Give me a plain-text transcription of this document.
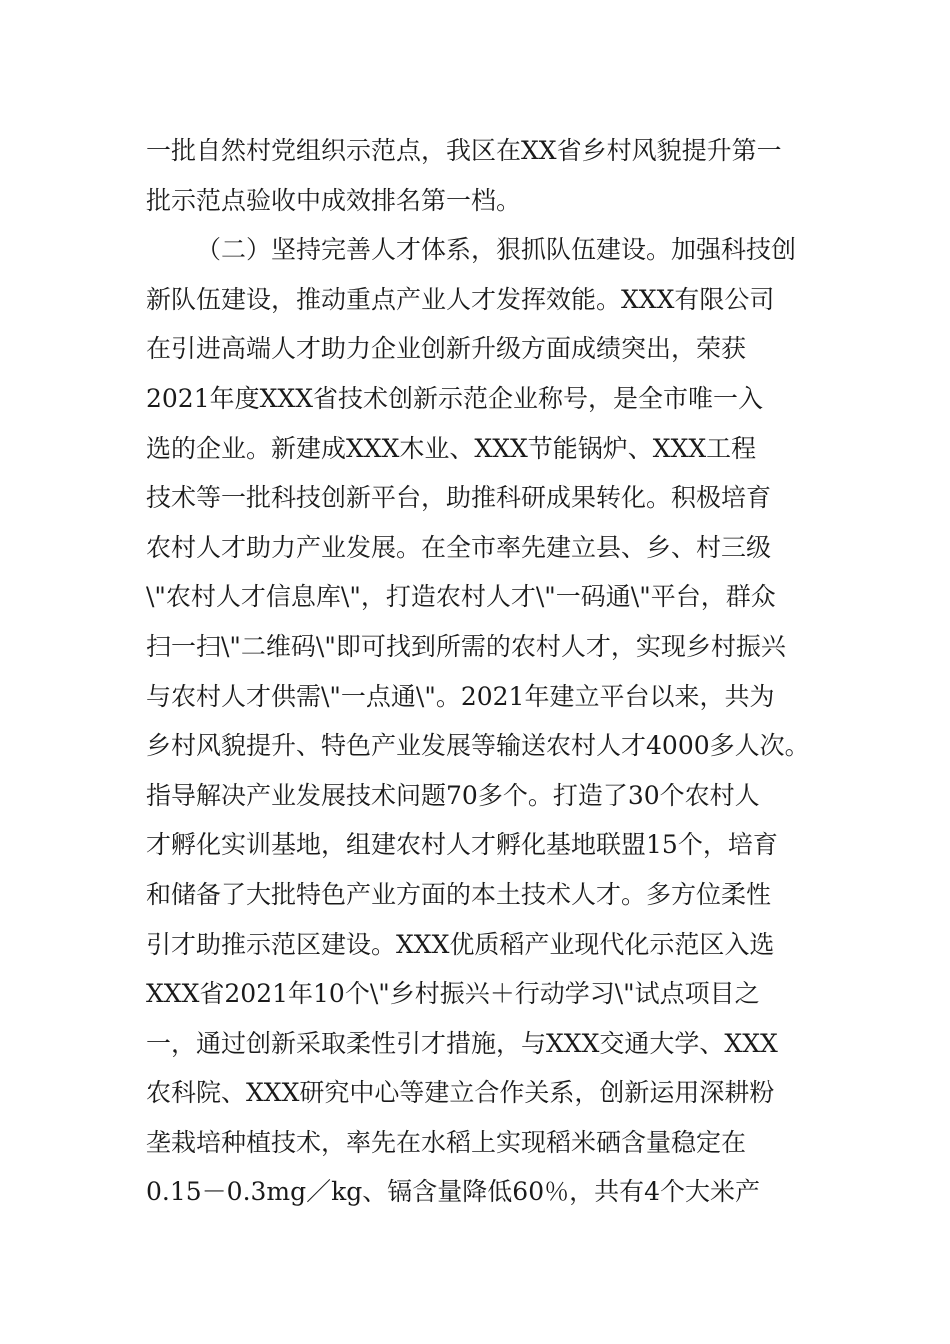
一批自然村党组织示范点，我区在XX省乡村风貌提升第一
批示范点验收中成效排名第一档。
（二）坚持完善人才体系，狠抓队伍建设。加强科技创
新队伍建设，推动重点产业人才发挥效能。XXX有限公司
在引进高端人才助力企业创新升级方面成绩突出，荣获
2021年度XXX省技术创新示范企业称号，是全市唯一入
选的企业。新建成XXX木业、XXX节能锅炉、XXX工程
技术等一批科技创新平台，助推科研成果转化。积极培育
农村人才助力产业发展。在全市率先建立县、乡、村三级
\"农村人才信息库\"，打造农村人才\"一码通\"平台，群众
扫一扫\"二维码\"即可找到所需的农村人才，实现乡村振兴
与农村人才供需\"一点通\"。2021年建立平台以来，共为
乡村风貌提升、特色产业发展等输送农村人才4000多人次。
指导解决产业发展技术问题70多个。打造了30个农村人
才孵化实训基地，组建农村人才孵化基地联盟15个，培育
和储备了大批特色产业方面的本土技术人才。多方位柔性
引才助推示范区建设。XXX优质稻产业现代化示范区入选
XXX省2021年10个\"乡村振兴＋行动学习\"试点项目之
一，通过创新采取柔性引才措施，与XXX交通大学、XXX
农科院、XXX研究中心等建立合作关系，创新运用深耕粉
垄栽培种植技术，率先在水稻上实现稻米硒含量稳定在
0.15－0.3mg／kg、镉含量降低60％，共有4个大米产
